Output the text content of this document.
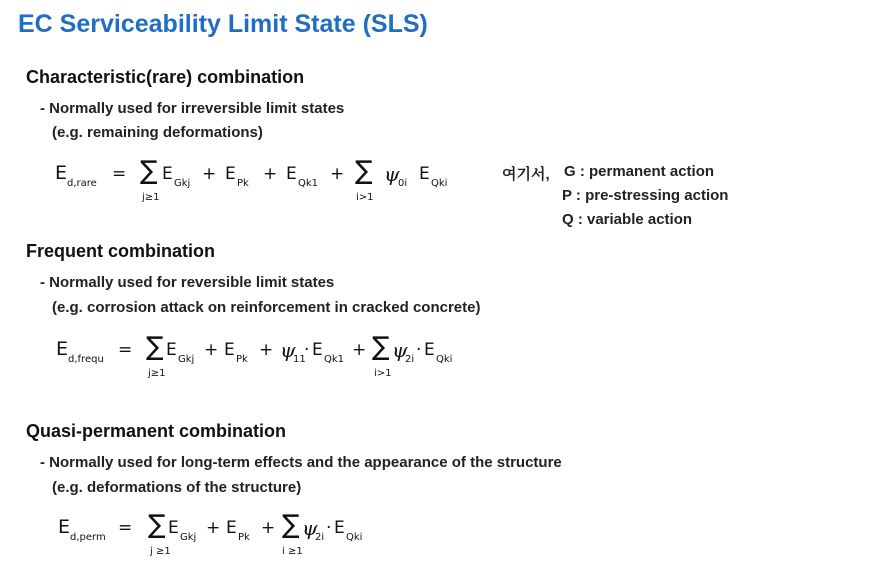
EC Serviceability Limit State (SLS)
Characteristic(rare) combination
- Normally used for irreversible limit states
(e.g. remaining deformations)
E d,rare = ∑
j≥1
E Gkj + E Pk + E Qk1 + ∑
i>1
ψ
0i E Qki
여기서, G : permanent action
P : pre-stressing action
Q : variable action
Frequent combination
- Normally used for reversible limit states
(e.g. corrosion attack on reinforcement in cracked concrete)
E d,frequ = ∑
j≥1
E Gkj + E Pk + ψ
11
· E Qk1 + ∑
i>1
ψ
2i · E Qki
Quasi-permanent combination
- Normally used for long-term effects and the appearance of the structure
(e.g. deformations of the structure)
E d,perm = ∑
j ≥1
E Gkj + E Pk + ∑
i ≥1
ψ
2i · E Qki
